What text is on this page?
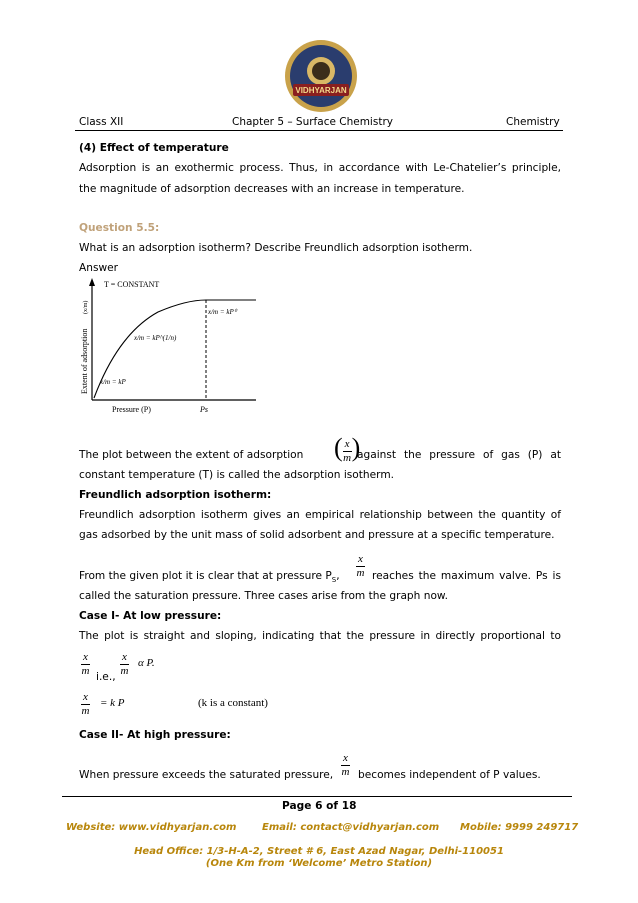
VIDHYARJAN
Class XII	Chapter 5 – Surface Chemistry	Chemistry
(4) Effect of temperature
Adsorption is an exothermic process. Thus, in accordance with Le-Chatelier’s principle,
the magnitude of adsorption decreases with an increase in temperature.
Question 5.5:
What is an adsorption isotherm? Describe Freundlich adsorption isotherm.
Answer
Extent of adsorption
(x/m)
T = CONSTANT
x/m = kP⁰
x/m = kP^(1/n)
x/m = kP
Pressure (P)	Ps
The plot between the extent of adsorption ( $\frac{x}{m}$ )
against the pressure of gas (P) at
constant temperature (T) is called the adsorption isotherm.
Freundlich adsorption isotherm:
Freundlich adsorption isotherm gives an empirical relationship between the quantity of
gas adsorbed by the unit mass of solid adsorbent and pressure at a specific temperature.
From the given plot it is clear that at pressure $P_S$, $\frac{x}{m}$ reaches the maximum valve. Ps is
called the saturation pressure. Three cases arise from the graph now.
Case I- At low pressure:
The plot is straight and sloping, indicating that the pressure in directly proportional to
$\frac{x}{m}$	$\frac{x}{m}$ α P.
i.e.,
$\frac{x}{m} = k$ P	(k is a constant)
Case II- At high pressure:
When pressure exceeds the saturated pressure, $\frac{x}{m}$ becomes independent of P values.
Page 6 of 18
Website: www.vidhyarjan.com	Email: contact@vidhyarjan.com Mobile: 9999 249717
Head Office: 1/3-H-A-2, Street # 6, East Azad Nagar, Delhi-110051
(One Km from ‘Welcome’ Metro Station)
